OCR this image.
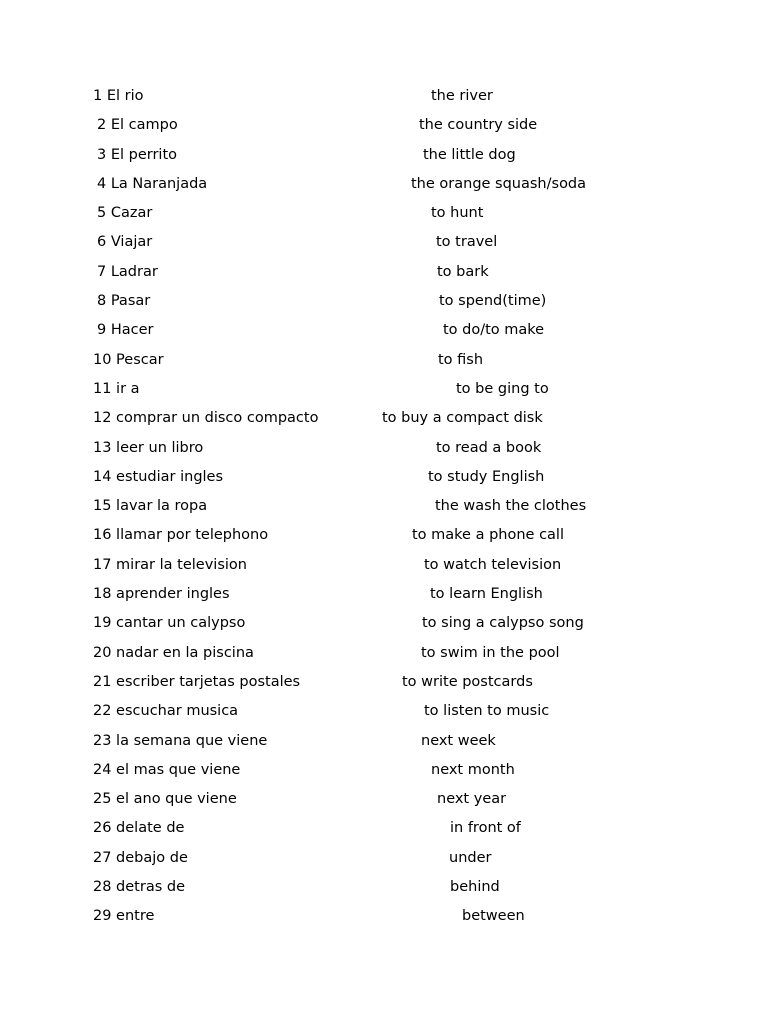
1 El rio	the river
2 El campo	the country side
3 El perrito	the little dog
4 La Naranjada	the orange squash/soda
5 Cazar	to hunt
6 Viajar	to travel
7 Ladrar	to bark
8 Pasar	to spend(time)
9 Hacer	to do/to make
10 Pescar	to fish
11 ir a	to be ging to
12 comprar un disco compacto	to buy a compact disk
13 leer un libro	to read a book
14 estudiar ingles	to study English
15 lavar la ropa	the wash the clothes
16 llamar por telephono	to make a phone call
17 mirar la television	to watch television
18 aprender ingles	to learn English
19 cantar un calypso	to sing a calypso song
20 nadar en la piscina	to swim in the pool
21 escriber tarjetas postales	to write postcards
22 escuchar musica	to listen to music
23 la semana que viene	next week
24 el mas que viene	next month
25 el ano que viene	next year
26 delate de	in front of
27 debajo de	under
28 detras de	behind
29 entre	between
